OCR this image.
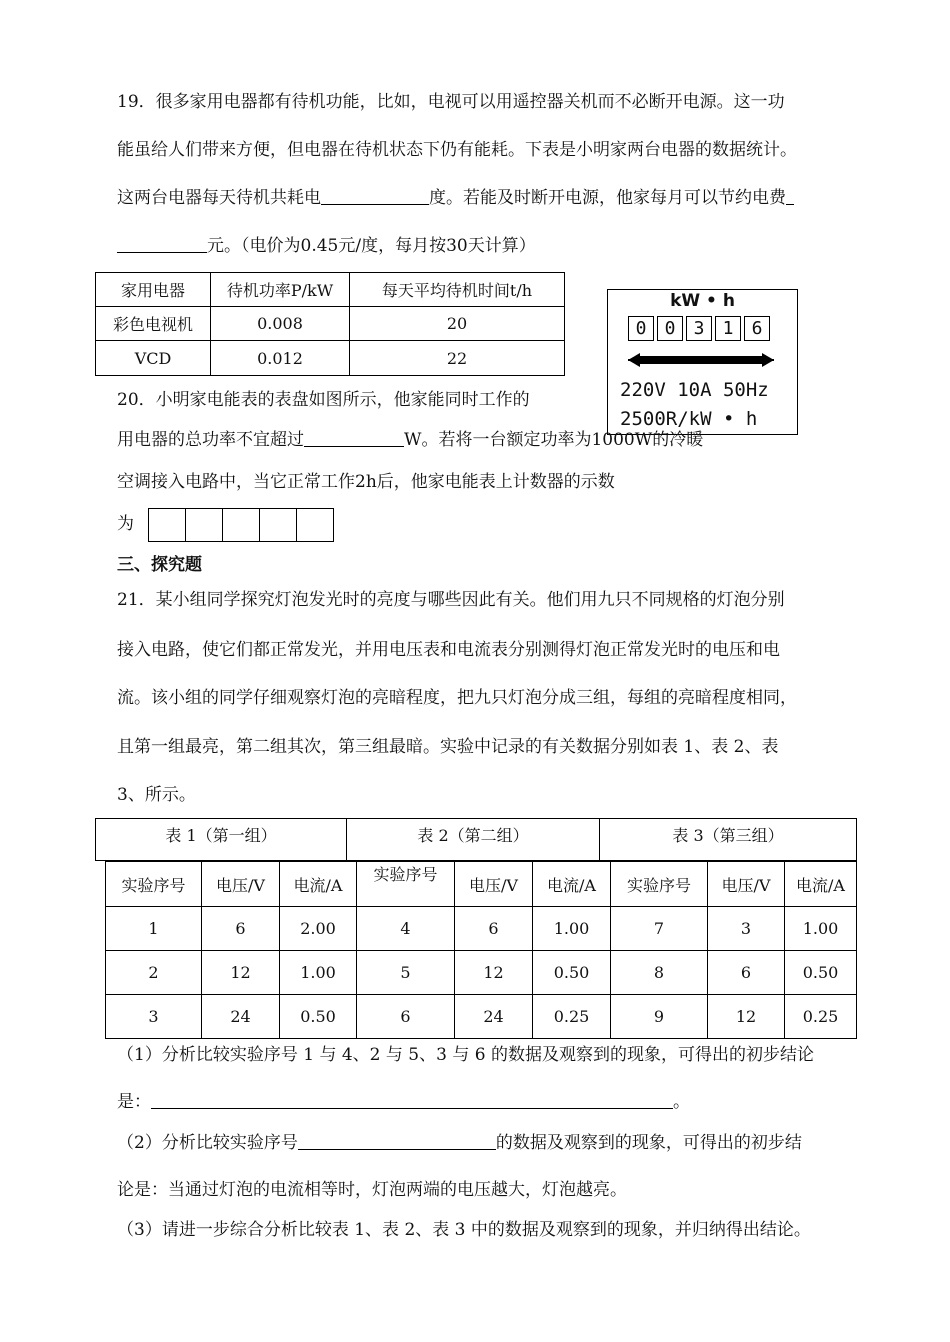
19．很多家用电器都有待机功能，比如，电视可以用遥控器关机而不必断开电源。这一功
能虽给人们带来方便，但电器在待机状态下仍有能耗。下表是小明家两台电器的数据统计。
这两台电器每天待机共耗电	度。若能及时断开电源，他家每月可以节约电费
元。（电价为0.45元/度，每月按30天计算）
家用电器	待机功率P/kW	每天平均待机时间t/h
彩色电视机	0.008	20
VCD	0.012	22
kW • h
0	0	3	1	6
220V 10A 50Hz
2500R/kW • h
20．小明家电能表的表盘如图所示，他家能同时工作的
用电器的总功率不宜超过	W。若将一台额定功率为1000W的冷暖
空调接入电路中，当它正常工作2h后，他家电能表上计数器的示数
为
三、探究题
21．某小组同学探究灯泡发光时的亮度与哪些因此有关。他们用九只不同规格的灯泡分别
接入电路，使它们都正常发光，并用电压表和电流表分别测得灯泡正常发光时的电压和电
流。该小组的同学仔细观察灯泡的亮暗程度，把九只灯泡分成三组，每组的亮暗程度相同，
且第一组最亮，第二组其次，第三组最暗。实验中记录的有关数据分别如表 1、表 2、表
3、所示。
表 1（第一组）	表 2（第二组）	表 3（第三组）
实验序号	电压/V	电流/A	实验序号	电压/V	电流/A	实验序号	电压/V	电流/A
1	6	2.00	4	6	1.00	7	3	1.00
2	12	1.00	5	12	0.50	8	6	0.50
3	24	0.50	6	24	0.25	9	12	0.25
（1）分析比较实验序号 1 与 4、2 与 5、3 与 6 的数据及观察到的现象，可得出的初步结论
是：	。
（2）分析比较实验序号	的数据及观察到的现象，可得出的初步结
论是：当通过灯泡的电流相等时，灯泡两端的电压越大，灯泡越亮。
（3）请进一步综合分析比较表 1、表 2、表 3 中的数据及观察到的现象，并归纳得出结论。
